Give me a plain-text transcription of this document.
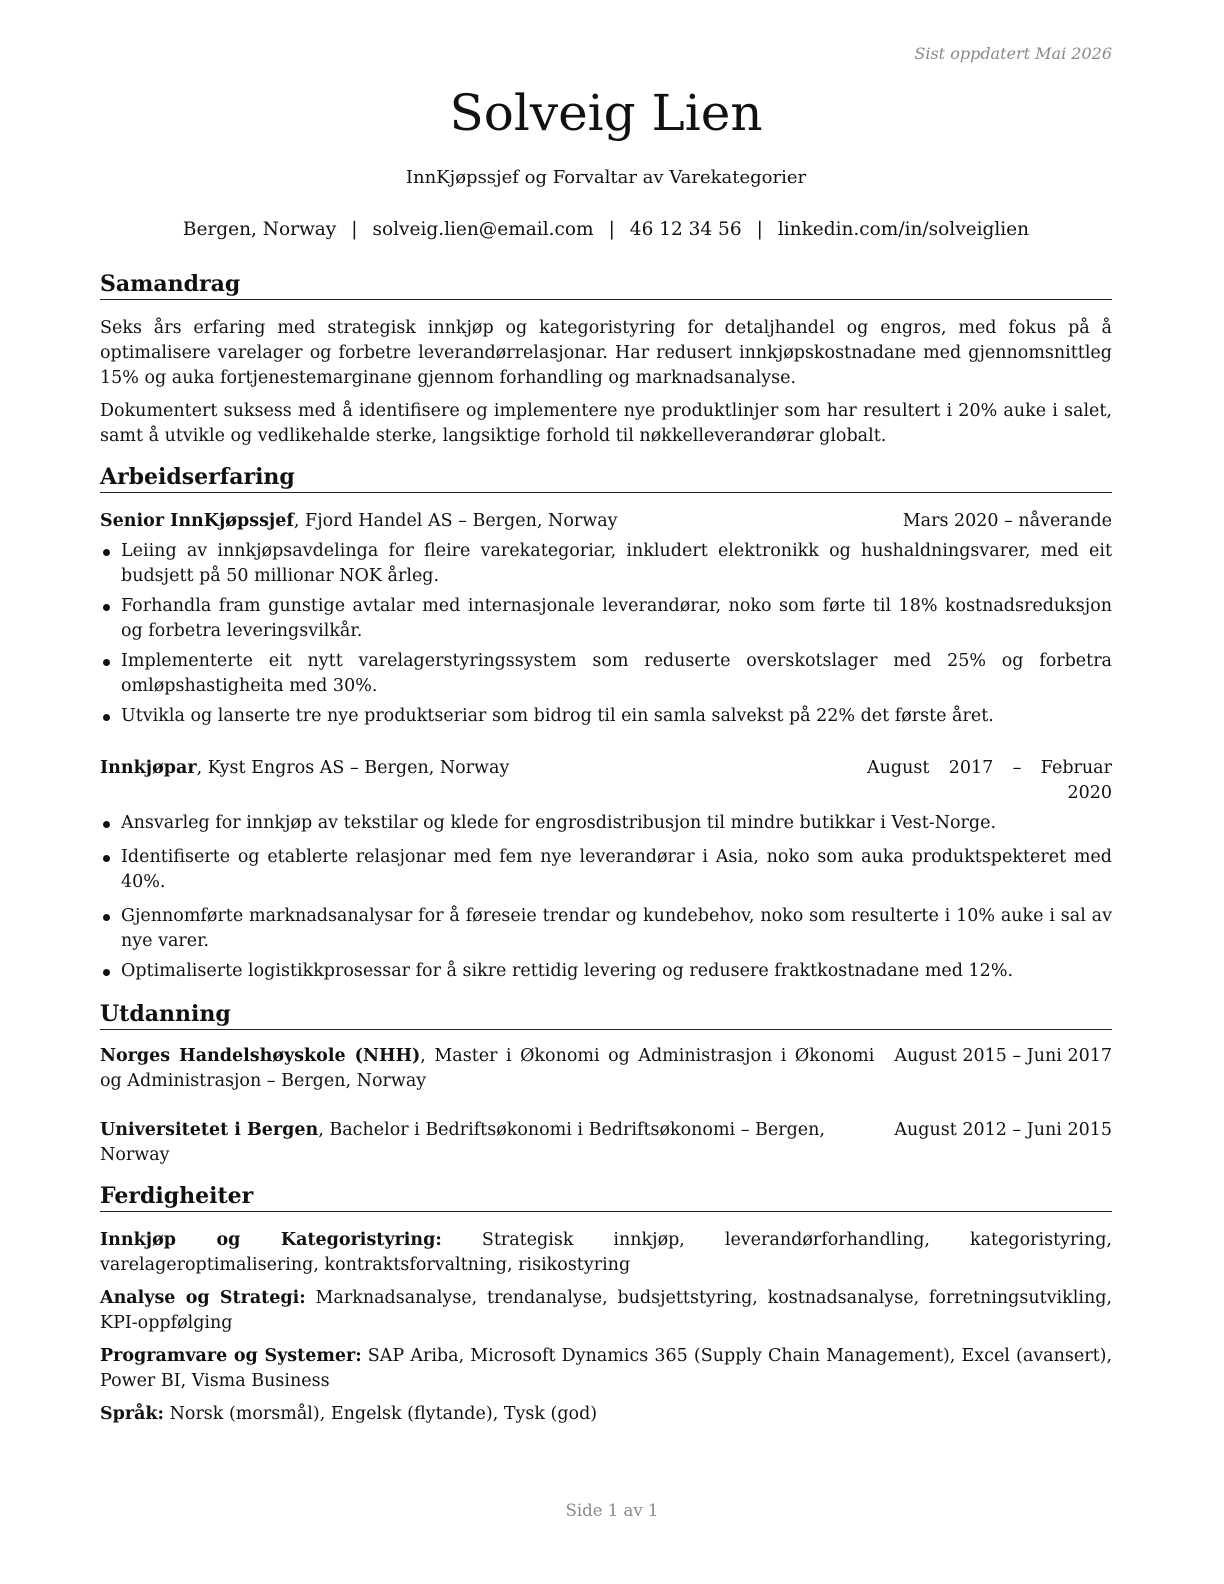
Sist oppdatert Mai 2026
Solveig Lien
InnKjøpssjef og Forvaltar av Varekategorier
Bergen, Norway | solveig.lien@email.com | 46 12 34 56 | linkedin.com/in/solveiglien
Samandrag

Seks års erfaring med strategisk innkjøp og kategoristyring for detaljhandel og engros, med fokus på å optimalisere varelager og forbetre leverandørrelasjonar. Har redusert innkjøpskostnadane med gjennomsnittleg 15% og auka fortjenestemarginane gjennom forhandling og marknadsanalyse.

Dokumentert suksess med å identifisere og implementere nye produktlinjer som har resultert i 20% auke i salet, samt å utvikle og vedlikehalde sterke, langsiktige forhold til nøkkelleverandørar globalt.

Arbeidserfaring
Senior InnKjøpssjef, Fjord Handel AS – Bergen, Norway	Mars 2020 – nåverande
Leiing av innkjøpsavdelinga for fleire varekategoriar, inkludert elektronikk og hushaldningsvarer, med eit budsjett på 50 millionar NOK årleg.
Forhandla fram gunstige avtalar med internasjonale leverandørar, noko som førte til 18% kostnadsreduksjon og forbetra leveringsvilkår.
Implementerte eit nytt varelagerstyringssystem som reduserte overskotslager med 25% og forbetra omløpshastigheita med 30%.
Utvikla og lanserte tre nye produktseriar som bidrog til ein samla salvekst på 22% det første året.
Innkjøpar, Kyst Engros AS – Bergen, Norway	August 2017 – Februar 2020
Ansvarleg for innkjøp av tekstilar og klede for engrosdistribusjon til mindre butikkar i Vest-Norge.
Identifiserte og etablerte relasjonar med fem nye leverandørar i Asia, noko som auka produktspekteret med 40%.
Gjennomførte marknadsanalysar for å føreseie trendar og kundebehov, noko som resulterte i 10% auke i sal av nye varer.
Optimaliserte logistikkprosessar for å sikre rettidig levering og redusere fraktkostnadane med 12%.
Utdanning
Norges Handelshøyskole (NHH), Master i Økonomi og Administrasjon i Økonomi og Administrasjon – Bergen, Norway
August 2015 – Juni 2017
Universitetet i Bergen, Bachelor i Bedriftsøkonomi i Bedriftsøkonomi – Bergen, Norway
August 2012 – Juni 2015
Ferdigheiter

Innkjøp og Kategoristyring: Strategisk innkjøp, leverandørforhandling, kategoristyring, varelageroptimalisering, kontraktsforvaltning, risikostyring

Analyse og Strategi: Marknadsanalyse, trendanalyse, budsjettstyring, kostnadsanalyse, forretningsutvikling, KPI-oppfølging

Programvare og Systemer: SAP Ariba, Microsoft Dynamics 365 (Supply Chain Management), Excel (avansert), Power BI, Visma Business

Språk: Norsk (morsmål), Engelsk (flytande), Tysk (god)

Side 1 av 1
